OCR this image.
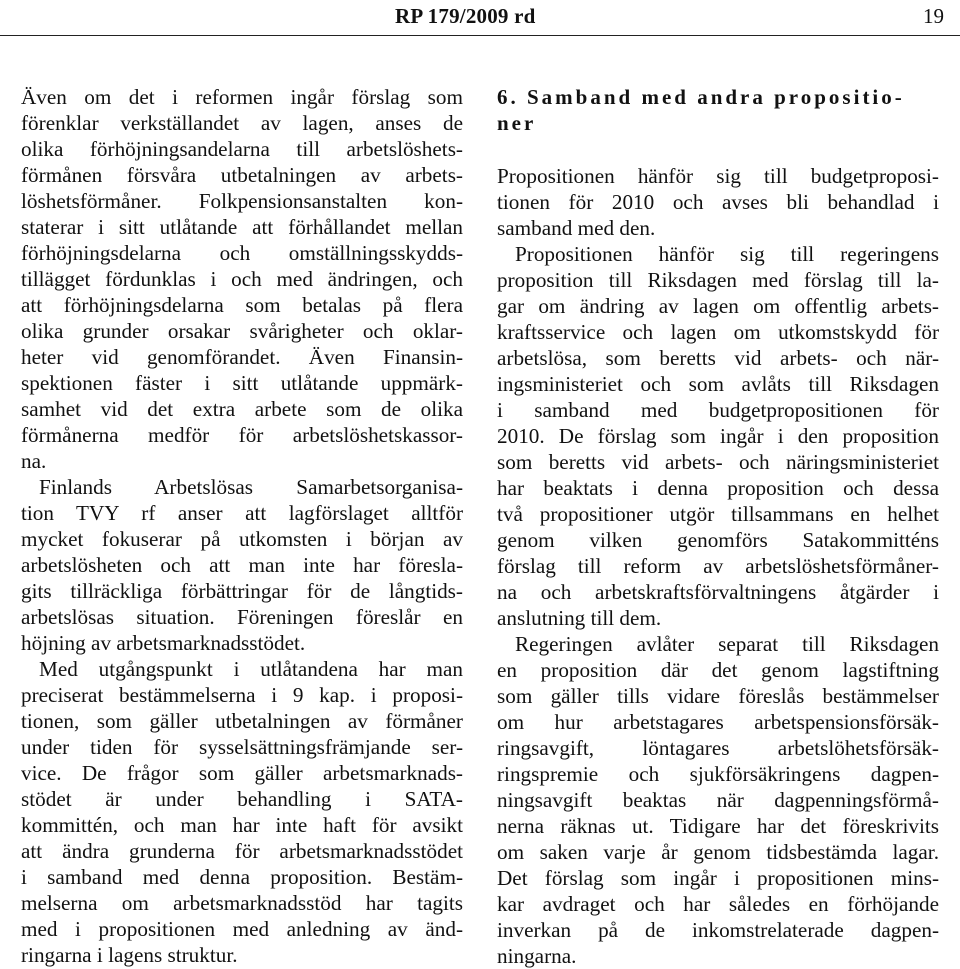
RP 179/2009 rd	19
Även om det i reformen ingår förslag som
förenklar verkställandet av lagen, anses de
olika förhöjningsandelarna till arbetslöshets-
förmånen försvåra utbetalningen av arbets-
löshetsförmåner. Folkpensionsanstalten kon-
staterar i sitt utlåtande att förhållandet mellan
förhöjningsdelarna och omställningsskydds-
tillägget fördunklas i och med ändringen, och
att förhöjningsdelarna som betalas på flera
olika grunder orsakar svårigheter och oklar-
heter vid genomförandet. Även Finansin-
spektionen fäster i sitt utlåtande uppmärk-
samhet vid det extra arbete som de olika
förmånerna medför för arbetslöshetskassor-
na.
Finlands Arbetslösas Samarbetsorganisa-
tion TVY rf anser att lagförslaget alltför
mycket fokuserar på utkomsten i början av
arbetslösheten och att man inte har föresla-
gits tillräckliga förbättringar för de långtids-
arbetslösas situation. Föreningen föreslår en
höjning av arbetsmarknadsstödet.
Med utgångspunkt i utlåtandena har man
preciserat bestämmelserna i 9 kap. i proposi-
tionen, som gäller utbetalningen av förmåner
under tiden för sysselsättningsfrämjande ser-
vice. De frågor som gäller arbetsmarknads-
stödet är under behandling i SATA-
kommittén, och man har inte haft för avsikt
att ändra grunderna för arbetsmarknadsstödet
i samband med denna proposition. Bestäm-
melserna om arbetsmarknadsstöd har tagits
med i propositionen med anledning av änd-
ringarna i lagens struktur.
6. Samband med andra propositio-
ner
Propositionen hänför sig till budgetproposi-
tionen för 2010 och avses bli behandlad i
samband med den.
Propositionen hänför sig till regeringens
proposition till Riksdagen med förslag till la-
gar om ändring av lagen om offentlig arbets-
kraftsservice och lagen om utkomstskydd för
arbetslösa, som beretts vid arbets- och när-
ingsministeriet och som avlåts till Riksdagen
i samband med budgetpropositionen för
2010. De förslag som ingår i den proposition
som beretts vid arbets- och näringsministeriet
har beaktats i denna proposition och dessa
två propositioner utgör tillsammans en helhet
genom vilken genomförs Satakommitténs
förslag till reform av arbetslöshetsförmåner-
na och arbetskraftsförvaltningens åtgärder i
anslutning till dem.
Regeringen avlåter separat till Riksdagen
en proposition där det genom lagstiftning
som gäller tills vidare föreslås bestämmelser
om hur arbetstagares arbetspensionsförsäk-
ringsavgift, löntagares arbetslöhetsförsäk-
ringspremie och sjukförsäkringens dagpen-
ningsavgift beaktas när dagpenningsförmå-
nerna räknas ut. Tidigare har det föreskrivits
om saken varje år genom tidsbestämda lagar.
Det förslag som ingår i propositionen mins-
kar avdraget och har således en förhöjande
inverkan på de inkomstrelaterade dagpen-
ningarna.
